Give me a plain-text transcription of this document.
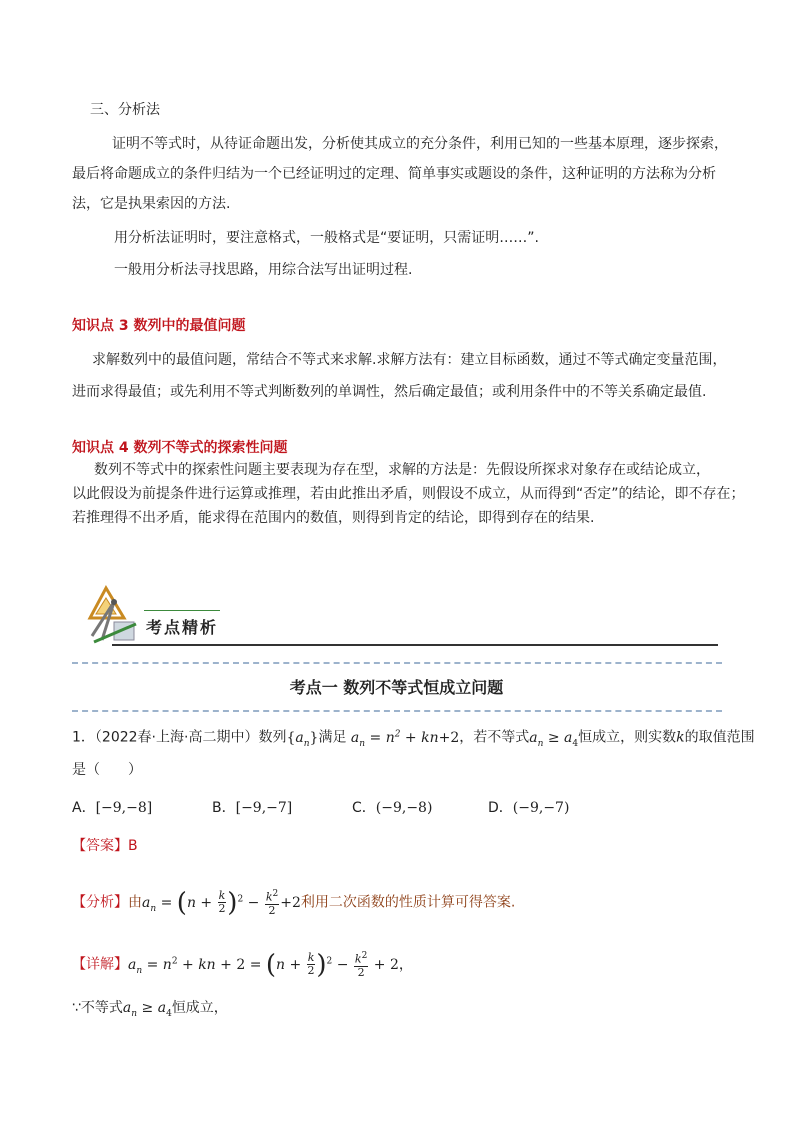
三、分析法
证明不等式时，从待证命题出发，分析使其成立的充分条件，利用已知的一些基本原理，逐步探索，
最后将命题成立的条件归结为一个已经证明过的定理、简单事实或题设的条件，这种证明的方法称为分析
法，它是执果索因的方法.
用分析法证明时，要注意格式，一般格式是“要证明，只需证明……”.
一般用分析法寻找思路，用综合法写出证明过程.
知识点 3 数列中的最值问题
求解数列中的最值问题，常结合不等式来求解.求解方法有：建立目标函数，通过不等式确定变量范围，
进而求得最值；或先利用不等式判断数列的单调性，然后确定最值；或利用条件中的不等关系确定最值.
知识点 4 数列不等式的探索性问题
数列不等式中的探索性问题主要表现为存在型，求解的方法是：先假设所探求对象存在或结论成立，
以此假设为前提条件进行运算或推理，若由此推出矛盾，则假设不成立，从而得到“否定”的结论，即不存在；
若推理得不出矛盾，能求得在范围内的数值，则得到肯定的结论，即得到存在的结果.
考点精析
考点一 数列不等式恒成立问题
1．（2022春·上海·高二期中）数列$\{a_n\}$满足 $a_n = n^2 + kn+2$，若不等式$a_n \ge a_4$恒成立，则实数k的取值范围
是（　　）
A．[−9,−8]	B．[−9,−7]	C．(−9,−8)	D．(−9,−7)
【答案】B
【分析】由$a_n = (n + \frac{k}{2} )^2 - \frac{k^2}{2} +2$利用二次函数的性质计算可得答案.
【详解】$a_n = n^2$ + kn + $2 = (n + \frac{k}{2} )^2 - \frac{k^2}{2} + 2$，
∵不等式$a_n \ge a_4$恒成立，
